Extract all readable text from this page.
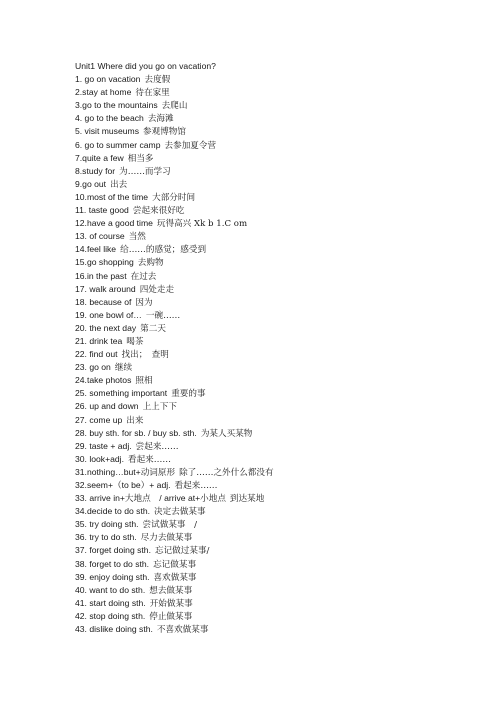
Unit1 Where did you go on vacation?
1. go on vacation 去度假
2.stay at home 待在家里
3.go to the mountains 去爬山
4. go to the beach 去海滩
5. visit museums 参观博物馆
6. go to summer camp 去参加夏令营
7.quite a few 相当多
8.study for 为……而学习
9.go out 出去
10.most of the time 大部分时间
11. taste good 尝起来很好吃
12.have a good time 玩得高兴 Xk b 1.C om
13. of course 当然
14.feel like 给……的感觉；感受到
15.go shopping 去购物
16.in the past 在过去
17. walk around 四处走走
18. because of 因为
19. one bowl of… 一碗……
20. the next day 第二天
21. drink tea 喝茶
22. find out 找出；　查明
23. go on 继续
24.take photos 照相
25. something important 重要的事
26. up and down 上上下下
27. come up 出来
28. buy sth. for sb. / buy sb. sth. 为某人买某物
29. taste + adj. 尝起来……
30. look+adj. 看起来……
31.nothing…but+动词原形 除了……之外什么都没有
32.seem+（to be）+ adj. 看起来……
33. arrive in+大地点　/ arrive at+小地点 到达某地
34.decide to do sth. 决定去做某事
35. try doing sth. 尝试做某事　/
36. try to do sth. 尽力去做某事
37. forget doing sth. 忘记做过某事/
38. forget to do sth. 忘记做某事
39. enjoy doing sth. 喜欢做某事
40. want to do sth. 想去做某事
41. start doing sth. 开始做某事
42. stop doing sth. 停止做某事
43. dislike doing sth. 不喜欢做某事
